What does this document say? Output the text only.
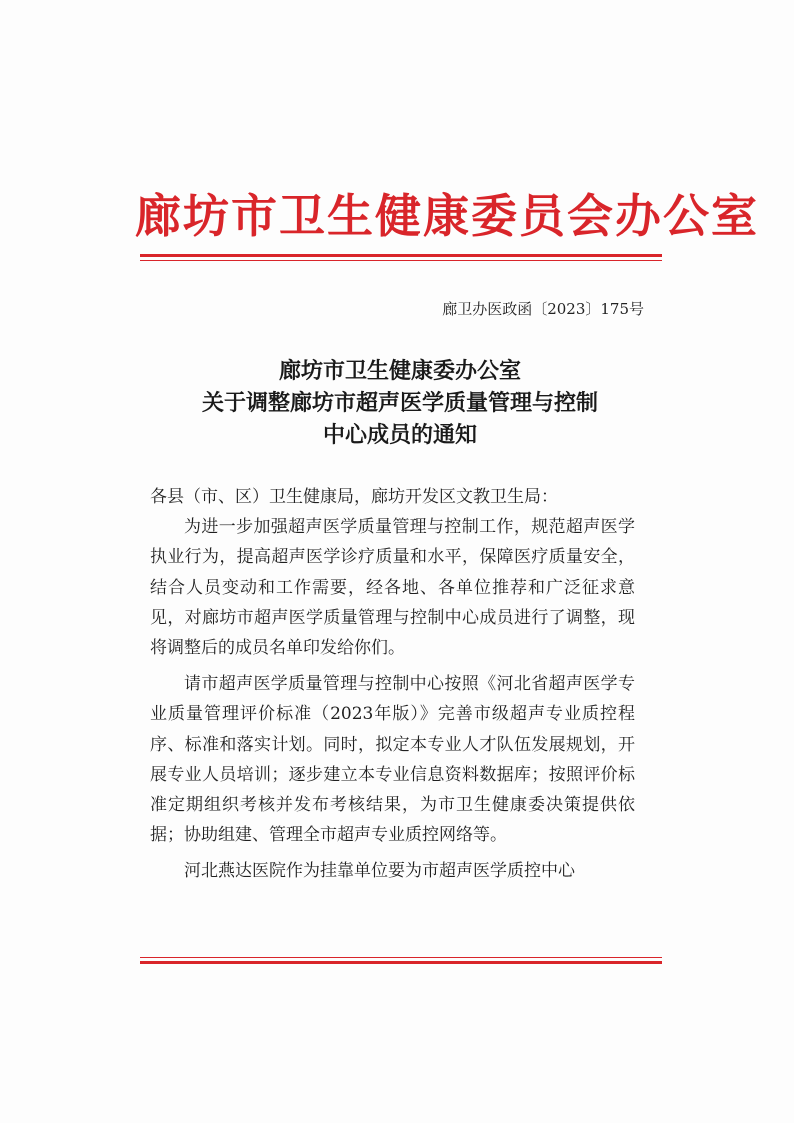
廊坊市卫生健康委员会办公室
廊卫办医政函〔2023〕175号
廊坊市卫生健康委办公室
关于调整廊坊市超声医学质量管理与控制
中心成员的通知

各县（市、区）卫生健康局，廊坊开发区文教卫生局：

为进一步加强超声医学质量管理与控制工作，规范超声医学执业行为，提高超声医学诊疗质量和水平，保障医疗质量安全，结合人员变动和工作需要，经各地、各单位推荐和广泛征求意见，对廊坊市超声医学质量管理与控制中心成员进行了调整，现将调整后的成员名单印发给你们。

请市超声医学质量管理与控制中心按照《河北省超声医学专业质量管理评价标准（2023年版）》完善市级超声专业质控程序、标准和落实计划。同时，拟定本专业人才队伍发展规划，开展专业人员培训；逐步建立本专业信息资料数据库；按照评价标准定期组织考核并发布考核结果，为市卫生健康委决策提供依据；协助组建、管理全市超声专业质控网络等。

河北燕达医院作为挂靠单位要为市超声医学质控中心
